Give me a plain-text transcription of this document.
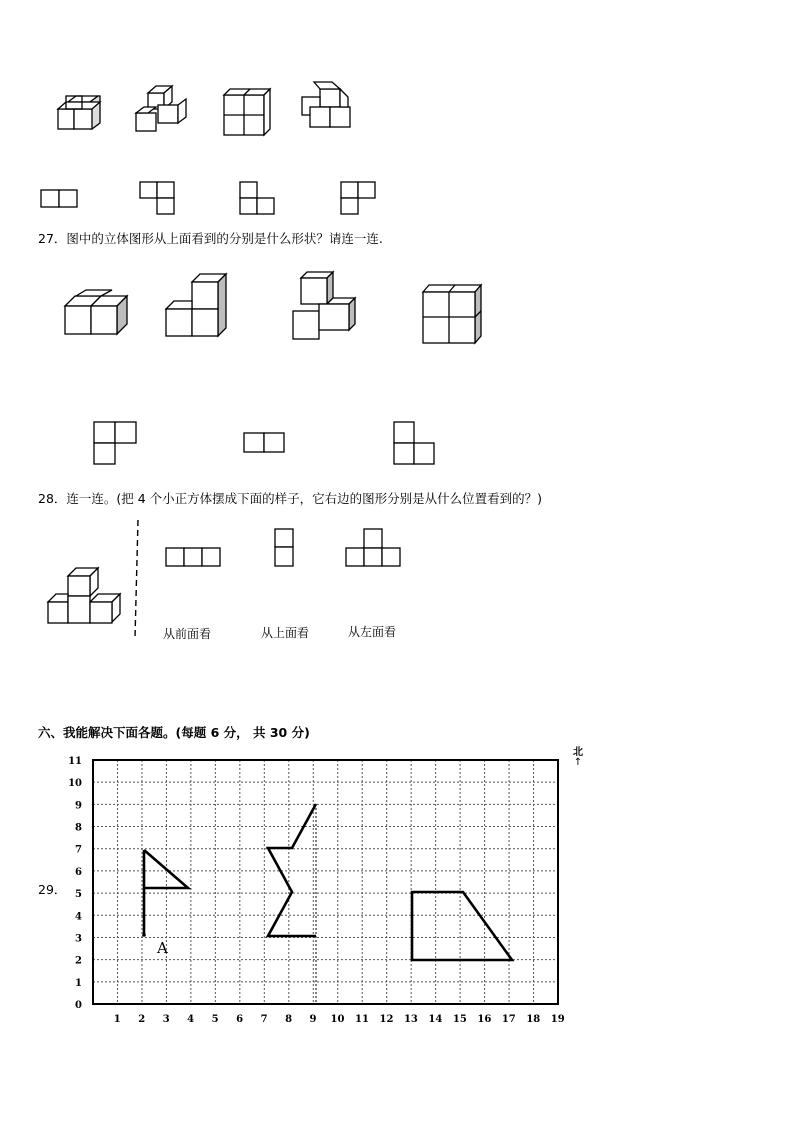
27．图中的立体图形从上面看到的分别是什么形状？请连一连.
28．连一连。(把 4 个小正方体摆成下面的样子，它右边的图形分别是从什么位置看到的？)
从前面看	从上面看	从左面看
六、我能解决下面各题。(每题 6 分， 共 30 分)
29．
北
↑
0
1
2
3
4
5
6
7
8
9
10
11
1 2 3 4 5 6 7 8 9 10 11 12 13 14 15 16 17 18 19
A
